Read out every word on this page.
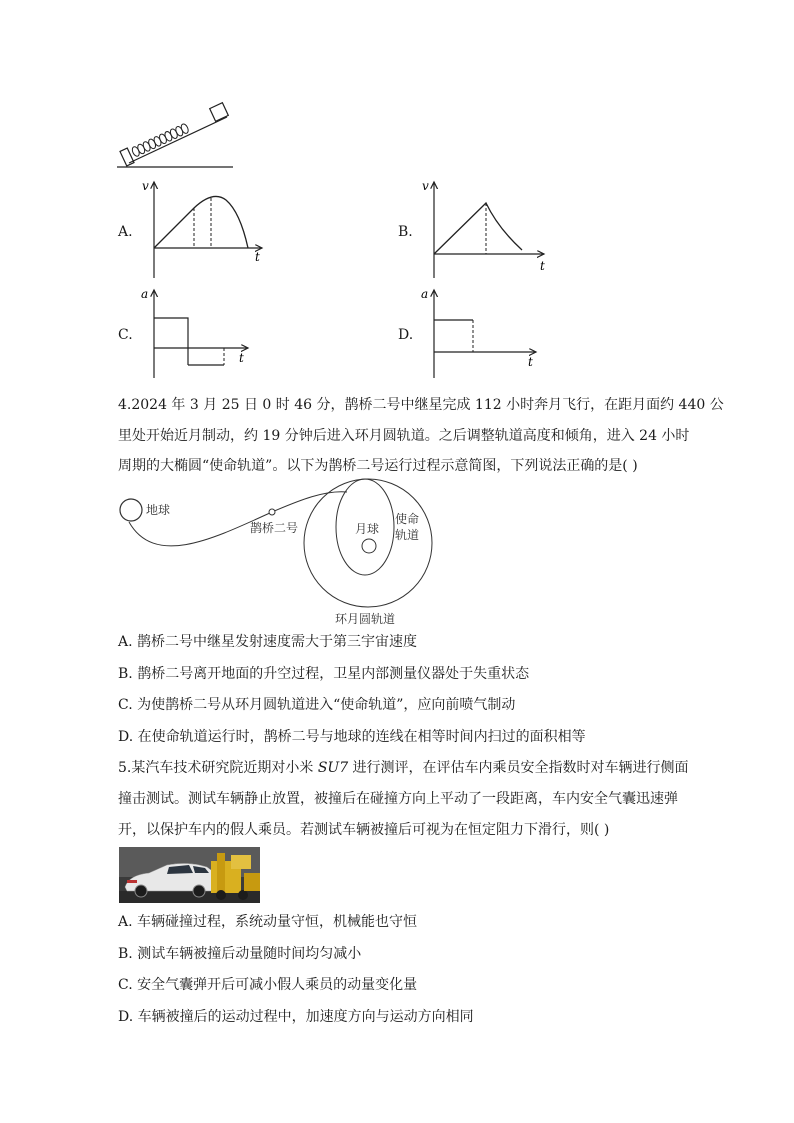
A.
v
t
B.
v
t
C.
a
t
D.
a
t
4.2024 年 3 月 25 日 0 时 46 分，鹊桥二号中继星完成 112 小时奔月飞行，在距月面约 440 公
里处开始近月制动，约 19 分钟后进入环月圆轨道。之后调整轨道高度和倾角，进入 24 小时
周期的大椭圆“使命轨道”。以下为鹊桥二号运行过程示意简图，下列说法正确的是( )
地球
鹊桥二号	月球
使命
轨道
环月圆轨道
A. 鹊桥二号中继星发射速度需大于第三宇宙速度
B. 鹊桥二号离开地面的升空过程，卫星内部测量仪器处于失重状态
C. 为使鹊桥二号从环月圆轨道进入“使命轨道”，应向前喷气制动
D. 在使命轨道运行时，鹊桥二号与地球的连线在相等时间内扫过的面积相等
5.某汽车技术研究院近期对小米 SU7 进行测评，在评估车内乘员安全指数时对车辆进行侧面
撞击测试。测试车辆静止放置，被撞后在碰撞方向上平动了一段距离，车内安全气囊迅速弹
开，以保护车内的假人乘员。若测试车辆被撞后可视为在恒定阻力下滑行，则( )
A. 车辆碰撞过程，系统动量守恒，机械能也守恒
B. 测试车辆被撞后动量随时间均匀减小
C. 安全气囊弹开后可减小假人乘员的动量变化量
D. 车辆被撞后的运动过程中，加速度方向与运动方向相同
